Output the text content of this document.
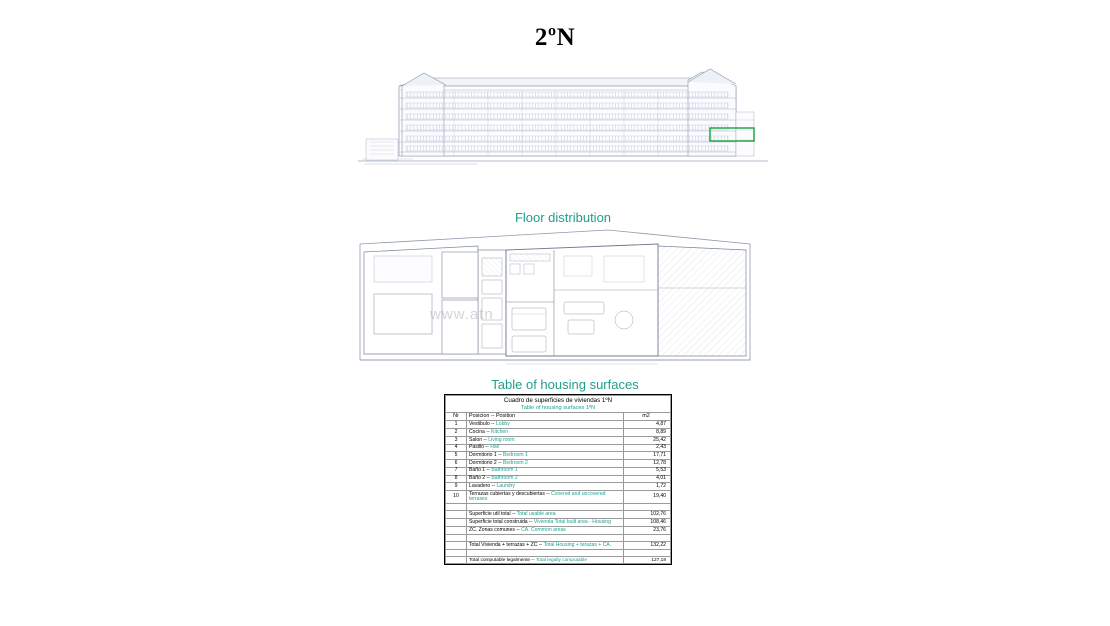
2ºN
Floor distribution
www.atn
Table of housing surfaces
Cuadro de superficies de viviendas 1ºN		
Table of housing surfaces 1ºN		
Nr	Posicion -- Position	m2
1	Vestibulo -- Lobby	4,87
2	Cocina -- Kitchen	8,89
3	Salon -- Living room	25,42
4	Pasillo -- Hall	2,43
5	Dormitorio 1 -- Bedroom 1	17,71
6	Dormitorio 2 -- Bedroom 2	12,78
7	Baño 1 -- Bathroom 1	5,53
8	Baño 2 -- Bathroom 2	4,01
9	Lavadero -- Laundry	1,72
10	Terrazas cubiertas y descubiertas -- Covered and uncovered terrases	19,40

	Superficie util total -- Total usable area	102,76
	Superficie total construida -- Vivienda Total built area - Housing	108,46
	ZC. Zonas comunes -- CA. Common areas	23,76

	Total Vivienda + terrazas + ZC -- Total Housing + terazas + CA.	132,22

	Total computable legalmente -- Total legally computable	127,18
